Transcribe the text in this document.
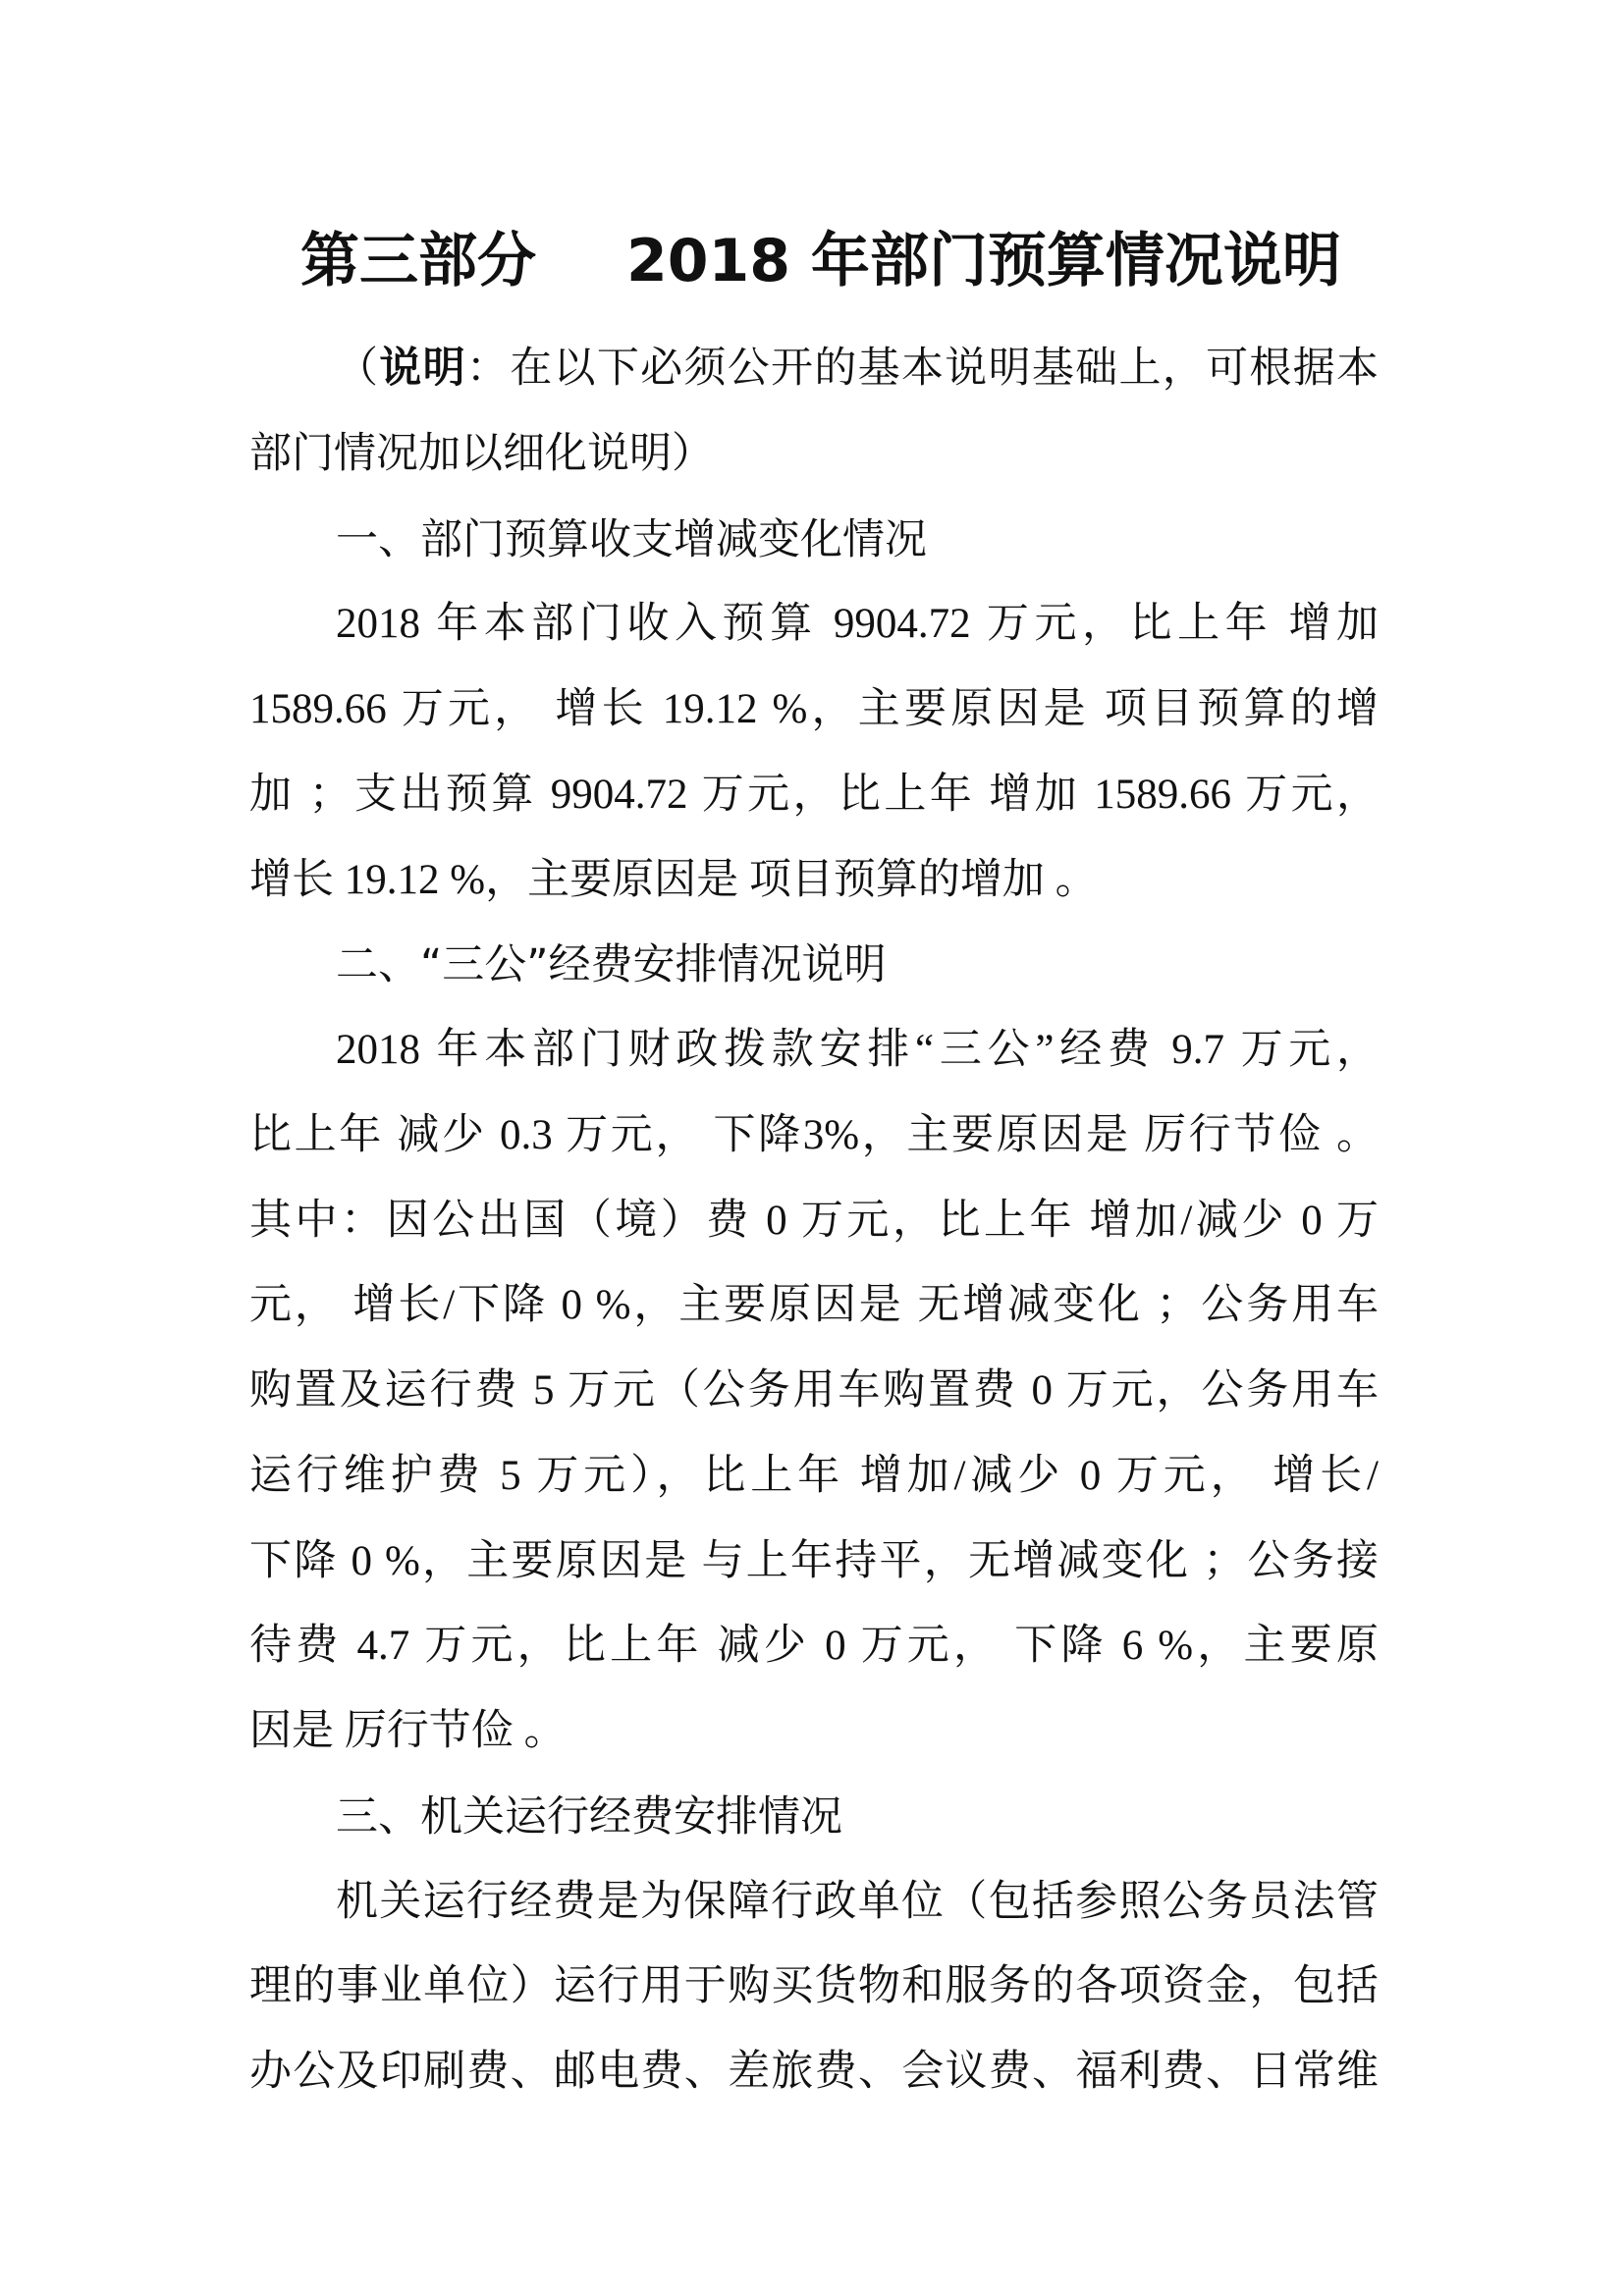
第三部分 2018 年部门预算情况说明
（说明：在以下必须公开的基本说明基础上，可根据本
部门情况加以细化说明）
一、部门预算收支增减变化情况
2018 年本部门收入预算 9904.72 万元，比上年 增加
1589.66 万元， 增长 19.12 %，主要原因是 项目预算的增
加 ；支出预算 9904.72 万元，比上年 增加 1589.66 万元，
增长 19.12 %，主要原因是 项目预算的增加 。
二、“三公”经费安排情况说明
2018 年本部门财政拨款安排“三公”经费 9.7 万元，
比上年 减少 0.3 万元， 下降3%，主要原因是 厉行节俭 。
其中：因公出国（境）费 0 万元，比上年 增加/减少 0 万
元， 增长/下降 0 %，主要原因是 无增减变化 ；公务用车
购置及运行费 5 万元（公务用车购置费 0 万元，公务用车
运行维护费 5 万元），比上年 增加/减少 0 万元， 增长/
下降 0 %，主要原因是 与上年持平，无增减变化 ；公务接
待费 4.7 万元，比上年 减少 0 万元， 下降 6 %，主要原
因是 厉行节俭 。
三、机关运行经费安排情况
机关运行经费是为保障行政单位（包括参照公务员法管
理的事业单位）运行用于购买货物和服务的各项资金，包括
办公及印刷费、邮电费、差旅费、会议费、福利费、日常维
